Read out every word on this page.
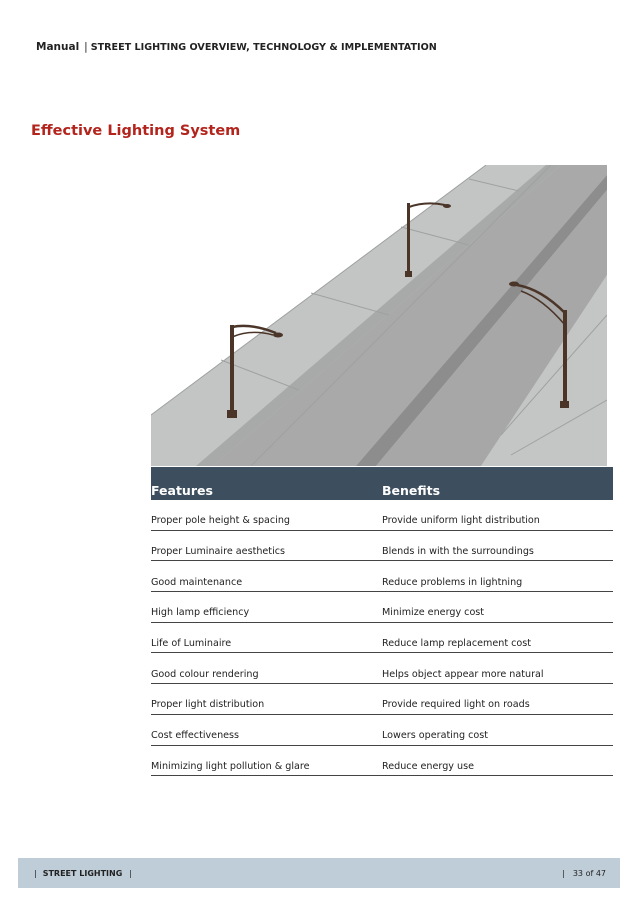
Manual | STREET LIGHTING OVERVIEW, TECHNOLOGY & IMPLEMENTATION
Effective Lighting System
Features	Benefits
Proper pole height & spacing	Provide uniform light distribution
Proper Luminaire aesthetics	Blends in with the surroundings
Good maintenance	Reduce problems in lightning
High lamp efficiency	Minimize energy cost
Life of Luminaire	Reduce lamp replacement cost
Good colour rendering	Helps object appear more natural
Proper light distribution	Provide required light on roads
Cost effectiveness	Lowers operating cost
Minimizing light pollution & glare	Reduce energy use
| STREET LIGHTING |	| 33 of 47
